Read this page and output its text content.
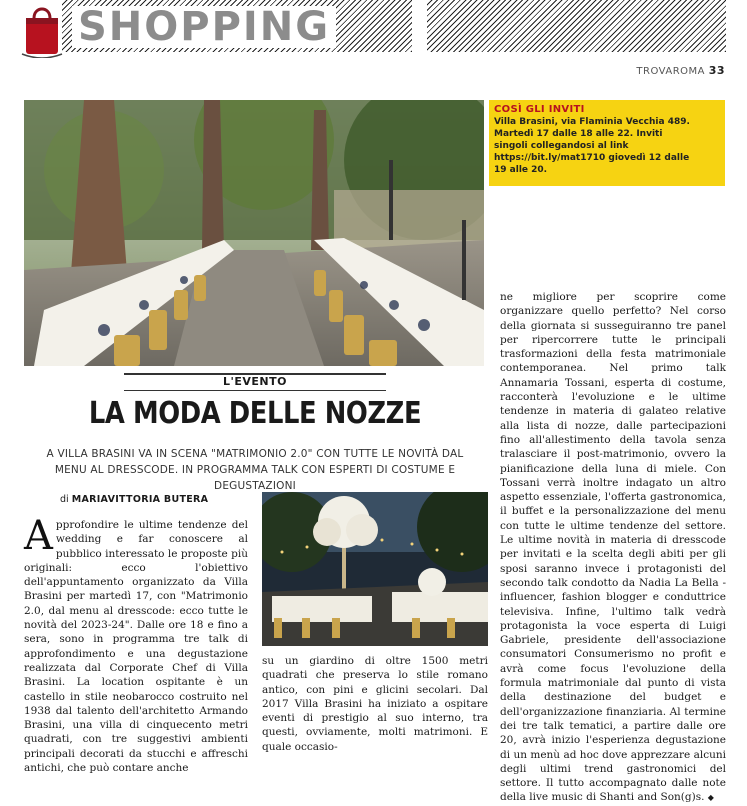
SHOPPING
TROVAROMA 33
COSÌ GLI INVITI
Villa Brasini, via Flaminia Vecchia 489. Martedì 17 dalle 18 alle 22. Inviti singoli collegandosi al link https://bit.ly/mat1710 giovedì 12 dalle 19 alle 20.
L'EVENTO
LA MODA DELLE NOZZE
A VILLA BRASINI VA IN SCENA "MATRIMONIO 2.0" CON TUTTE LE NOVITÀ DAL MENU AL DRESSCODE. IN PROGRAMMA TALK CON ESPERTI DI COSTUME E DEGUSTAZIONI
di MARIAVITTORIA BUTERA
Approfondire le ultime tendenze del wedding e far conoscere al pubblico interessato le proposte più originali: ecco l'obiettivo dell'appuntamento organizzato da Villa Brasini per martedì 17, con "Matrimonio 2.0, dal menu al dresscode: ecco tutte le novità del 2023-24". Dalle ore 18 e fino a sera, sono in programma tre talk di approfondimento e una degustazione realizzata dal Corporate Chef di Villa Brasini. La location ospitante è un castello in stile neobarocco costruito nel 1938 dal talento dell'architetto Armando Brasini, una villa di cinquecento metri quadrati, con tre suggestivi ambienti principali decorati da stucchi e affreschi antichi, che può contare anche
su un giardino di oltre 1500 metri quadrati che preserva lo stile romano antico, con pini e glicini secolari. Dal 2017 Villa Brasini ha iniziato a ospitare eventi di prestigio al suo interno, tra questi, ovviamente, molti matrimoni. E quale occasio-
ne migliore per scoprire come organizzare quello perfetto? Nel corso della giornata si susseguiranno tre panel per ripercorrere tutte le principali trasformazioni della festa matrimoniale contemporanea. Nel primo talk Annamaria Tossani, esperta di costume, racconterà l'evoluzione e le ultime tendenze in materia di galateo relative alla lista di nozze, dalle partecipazioni fino all'allestimento della tavola senza tralasciare il post-matrimonio, ovvero la pianificazione della luna di miele. Con Tossani verrà inoltre indagato un altro aspetto essenziale, l'offerta gastronomica, il buffet e la personalizzazione del menu con tutte le ultime tendenze del settore. Le ultime novità in materia di dresscode per invitati e la scelta degli abiti per gli sposi saranno invece i protagonisti del secondo talk condotto da Nadia La Bella - influencer, fashion blogger e conduttrice televisiva. Infine, l'ultimo talk vedrà protagonista la voce esperta di Luigi Gabriele, presidente dell'associazione consumatori Consumerismo no profit e avrà come focus l'evoluzione della formula matrimoniale dal punto di vista della destinazione del budget e dell'organizzazione finanziaria. Al termine dei tre talk tematici, a partire dalle ore 20, avrà inizio l'esperienza degustazione di un menù ad hoc dove apprezzare alcuni degli ultimi trend gastronomici del settore. Il tutto accompagnato dalle note della live music di Shanti and Son(g)s. ◆
